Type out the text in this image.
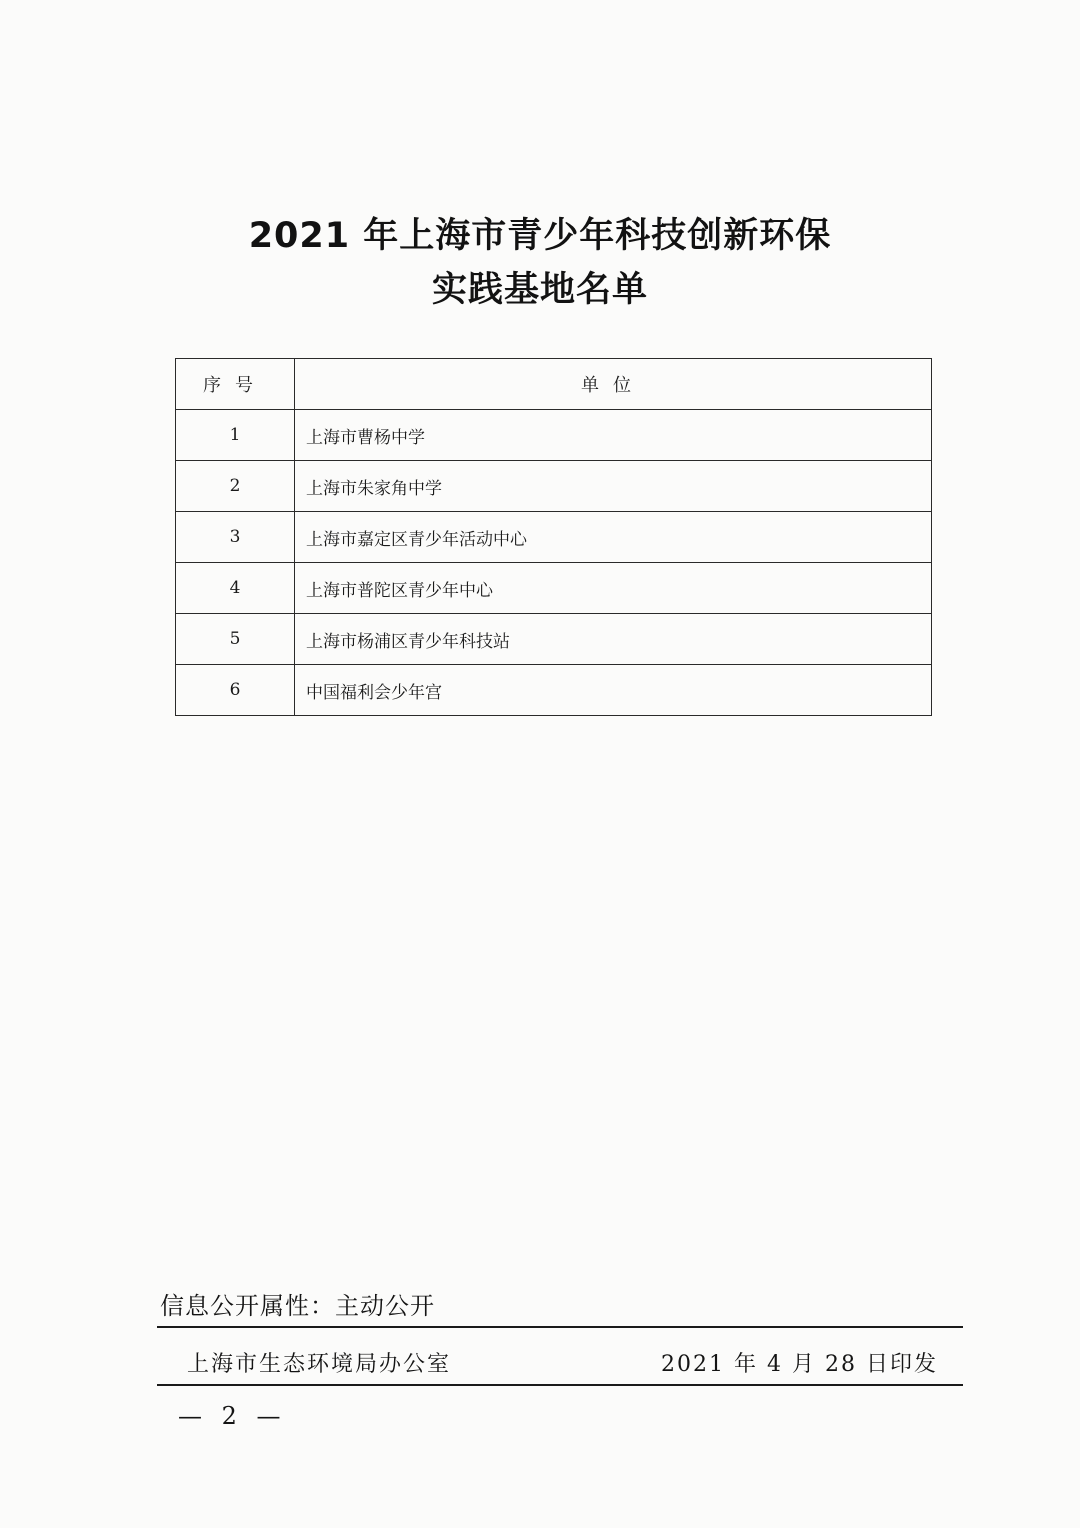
2021 年上海市青少年科技创新环保
实践基地名单
序号	单位
1	上海市曹杨中学
2	上海市朱家角中学
3	上海市嘉定区青少年活动中心
4	上海市普陀区青少年中心
5	上海市杨浦区青少年科技站
6	中国福利会少年宫
信息公开属性：主动公开
上海市生态环境局办公室	2021 年 4 月 28 日印发
— 2 —
